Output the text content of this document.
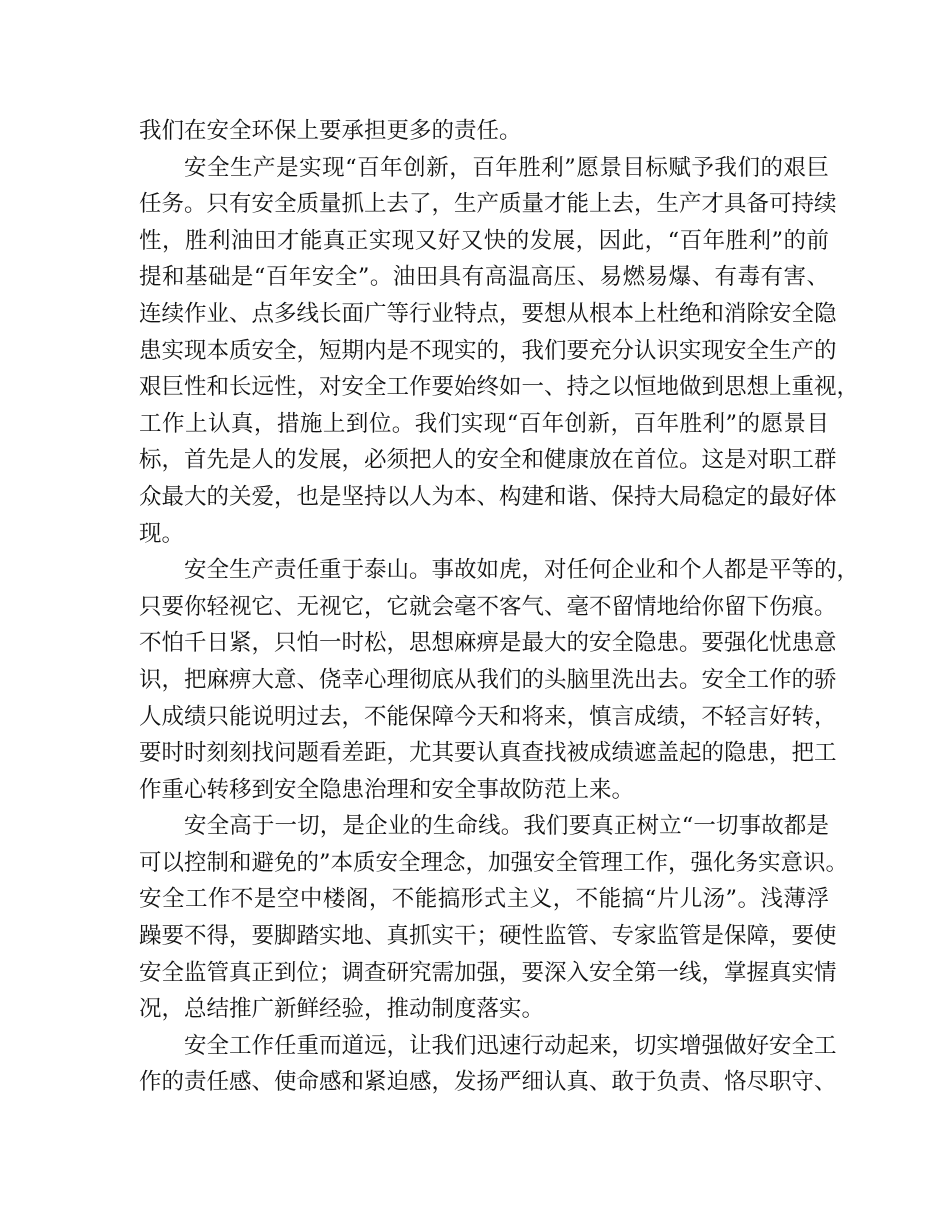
我们在安全环保上要承担更多的责任。
安全生产是实现“百年创新，百年胜利”愿景目标赋予我们的艰巨
任务。只有安全质量抓上去了，生产质量才能上去，生产才具备可持续
性，胜利油田才能真正实现又好又快的发展，因此，“百年胜利”的前
提和基础是“百年安全”。油田具有高温高压、易燃易爆、有毒有害、
连续作业、点多线长面广等行业特点，要想从根本上杜绝和消除安全隐
患实现本质安全，短期内是不现实的，我们要充分认识实现安全生产的
艰巨性和长远性，对安全工作要始终如一、持之以恒地做到思想上重视，
工作上认真，措施上到位。我们实现“百年创新，百年胜利”的愿景目
标，首先是人的发展，必须把人的安全和健康放在首位。这是对职工群
众最大的关爱，也是坚持以人为本、构建和谐、保持大局稳定的最好体
现。
安全生产责任重于泰山。事故如虎，对任何企业和个人都是平等的，
只要你轻视它、无视它，它就会毫不客气、毫不留情地给你留下伤痕。
不怕千日紧，只怕一时松，思想麻痹是最大的安全隐患。要强化忧患意
识，把麻痹大意、侥幸心理彻底从我们的头脑里洗出去。安全工作的骄
人成绩只能说明过去，不能保障今天和将来，慎言成绩，不轻言好转，
要时时刻刻找问题看差距，尤其要认真查找被成绩遮盖起的隐患，把工
作重心转移到安全隐患治理和安全事故防范上来。
安全高于一切，是企业的生命线。我们要真正树立“一切事故都是
可以控制和避免的”本质安全理念，加强安全管理工作，强化务实意识。
安全工作不是空中楼阁，不能搞形式主义，不能搞“片儿汤”。浅薄浮
躁要不得，要脚踏实地、真抓实干；硬性监管、专家监管是保障，要使
安全监管真正到位；调查研究需加强，要深入安全第一线，掌握真实情
况，总结推广新鲜经验，推动制度落实。
安全工作任重而道远，让我们迅速行动起来，切实增强做好安全工
作的责任感、使命感和紧迫感，发扬严细认真、敢于负责、恪尽职守、
